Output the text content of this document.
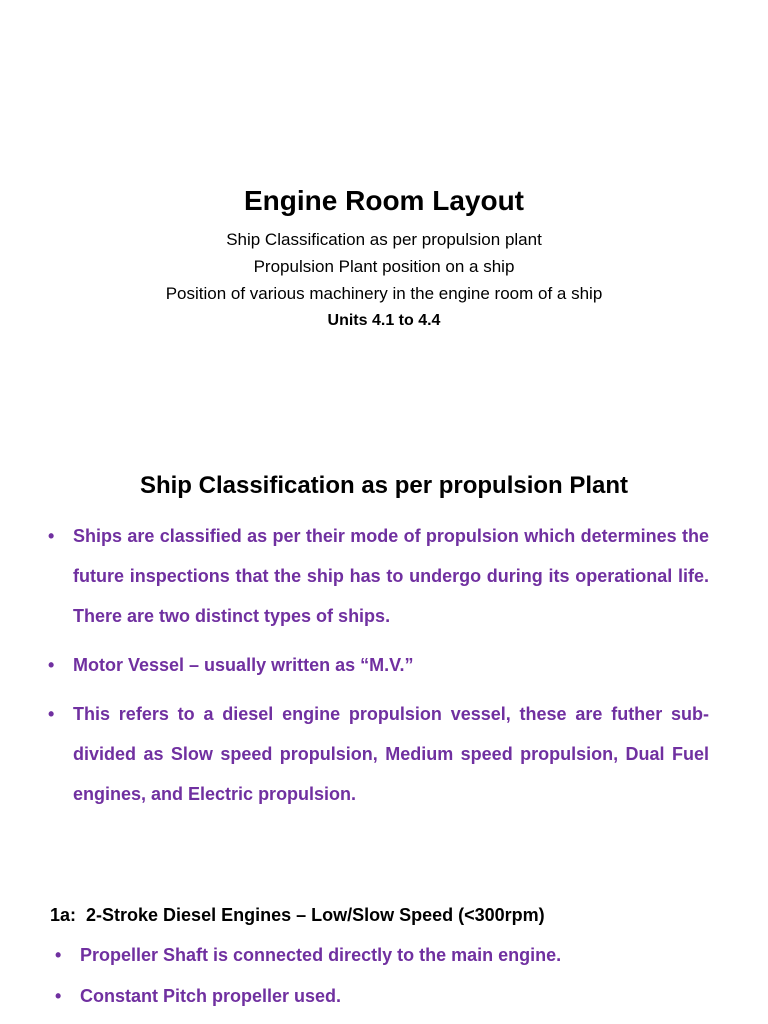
Engine Room Layout
Ship Classification as per propulsion plant
Propulsion Plant position on a ship
Position of various machinery in the engine room of a ship
Units 4.1 to 4.4
Ship Classification as per propulsion Plant
• Ships are classified as per their mode of propulsion which determines the future inspections that the ship has to undergo during its operational life. There are two distinct types of ships.
• Motor Vessel – usually written as “M.V.”
• This refers to a diesel engine propulsion vessel, these are futher sub-divided as Slow speed propulsion, Medium speed propulsion, Dual Fuel engines, and Electric propulsion.
1a:  2-Stroke Diesel Engines – Low/Slow Speed (<300rpm)
• Propeller Shaft is connected directly to the main engine.
• Constant Pitch propeller used.
